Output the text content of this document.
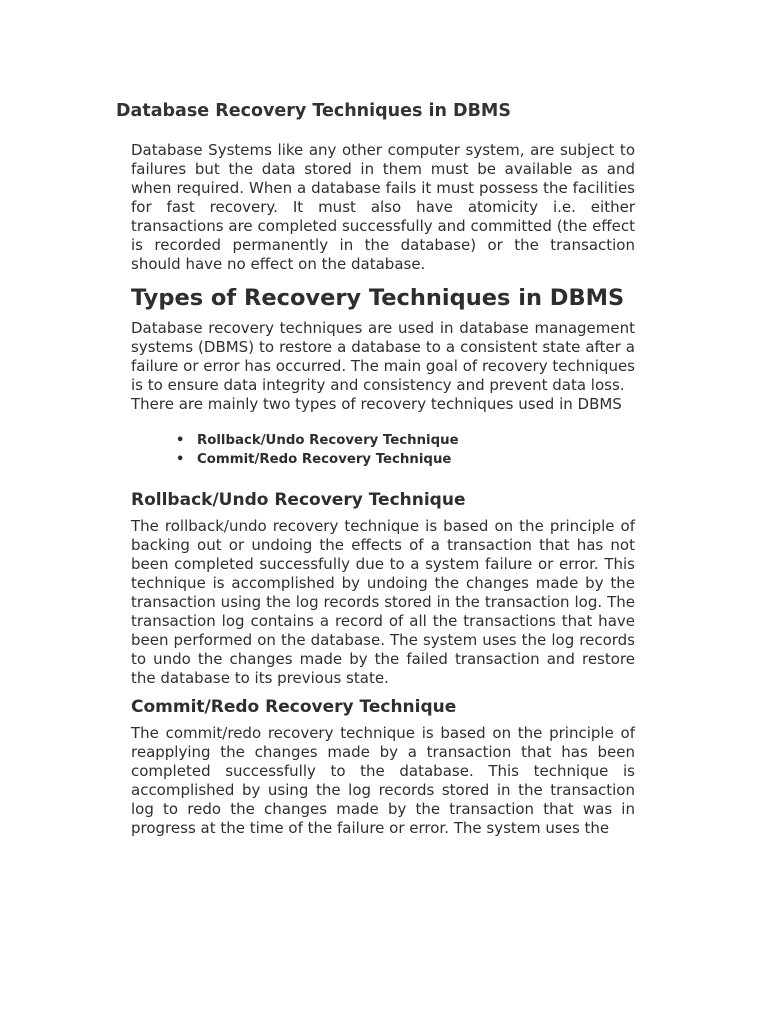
Database Recovery Techniques in DBMS

Database Systems like any other computer system, are subject to failures but the data stored in them must be available as and when required. When a database fails it must possess the facilities for fast recovery. It must also have atomicity i.e. either transactions are completed successfully and committed (the effect is recorded permanently in the database) or the transaction should have no effect on the database.

Types of Recovery Techniques in DBMS

Database recovery techniques are used in database management systems (DBMS) to restore a database to a consistent state after a failure or error has occurred. The main goal of recovery techniques is to ensure data integrity and consistency and prevent data loss.

There are mainly two types of recovery techniques used in DBMS

• Rollback/Undo Recovery Technique
• Commit/Redo Recovery Technique
Rollback/Undo Recovery Technique

The rollback/undo recovery technique is based on the principle of backing out or undoing the effects of a transaction that has not been completed successfully due to a system failure or error. This technique is accomplished by undoing the changes made by the transaction using the log records stored in the transaction log. The transaction log contains a record of all the transactions that have been performed on the database. The system uses the log records to undo the changes made by the failed transaction and restore the database to its previous state.

Commit/Redo Recovery Technique

The commit/redo recovery technique is based on the principle of reapplying the changes made by a transaction that has been completed successfully to the database. This technique is accomplished by using the log records stored in the transaction log to redo the changes made by the transaction that was in progress at the time of the failure or error. The system uses the
